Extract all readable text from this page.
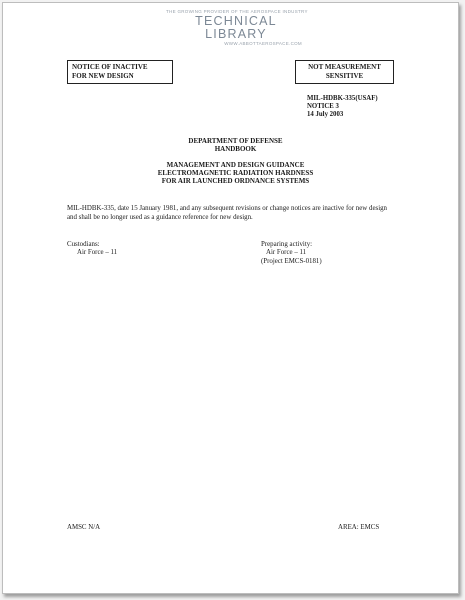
THE GROWING PROVIDER OF THE AEROSPACE INDUSTRY
TECHNICAL LIBRARY
WWW.ABBOTTAEROSPACE.COM
NOTICE OF INACTIVE
FOR NEW DESIGN
NOT MEASUREMENT
SENSITIVE
MIL-HDBK-335(USAF)
NOTICE 3
14 July 2003
DEPARTMENT OF DEFENSE
HANDBOOK
MANAGEMENT AND DESIGN GUIDANCE
ELECTROMAGNETIC RADIATION HARDNESS
FOR AIR LAUNCHED ORDNANCE SYSTEMS
MIL-HDBK-335, date 15 January 1981, and any subsequent revisions or change notices are inactive for new design and shall be no longer used as a guidance reference for new design.
Custodians:
Air Force – 11
Preparing activity:
Air Force – 11
(Project EMCS-0181)
AMSC N/A	AREA: EMCS
